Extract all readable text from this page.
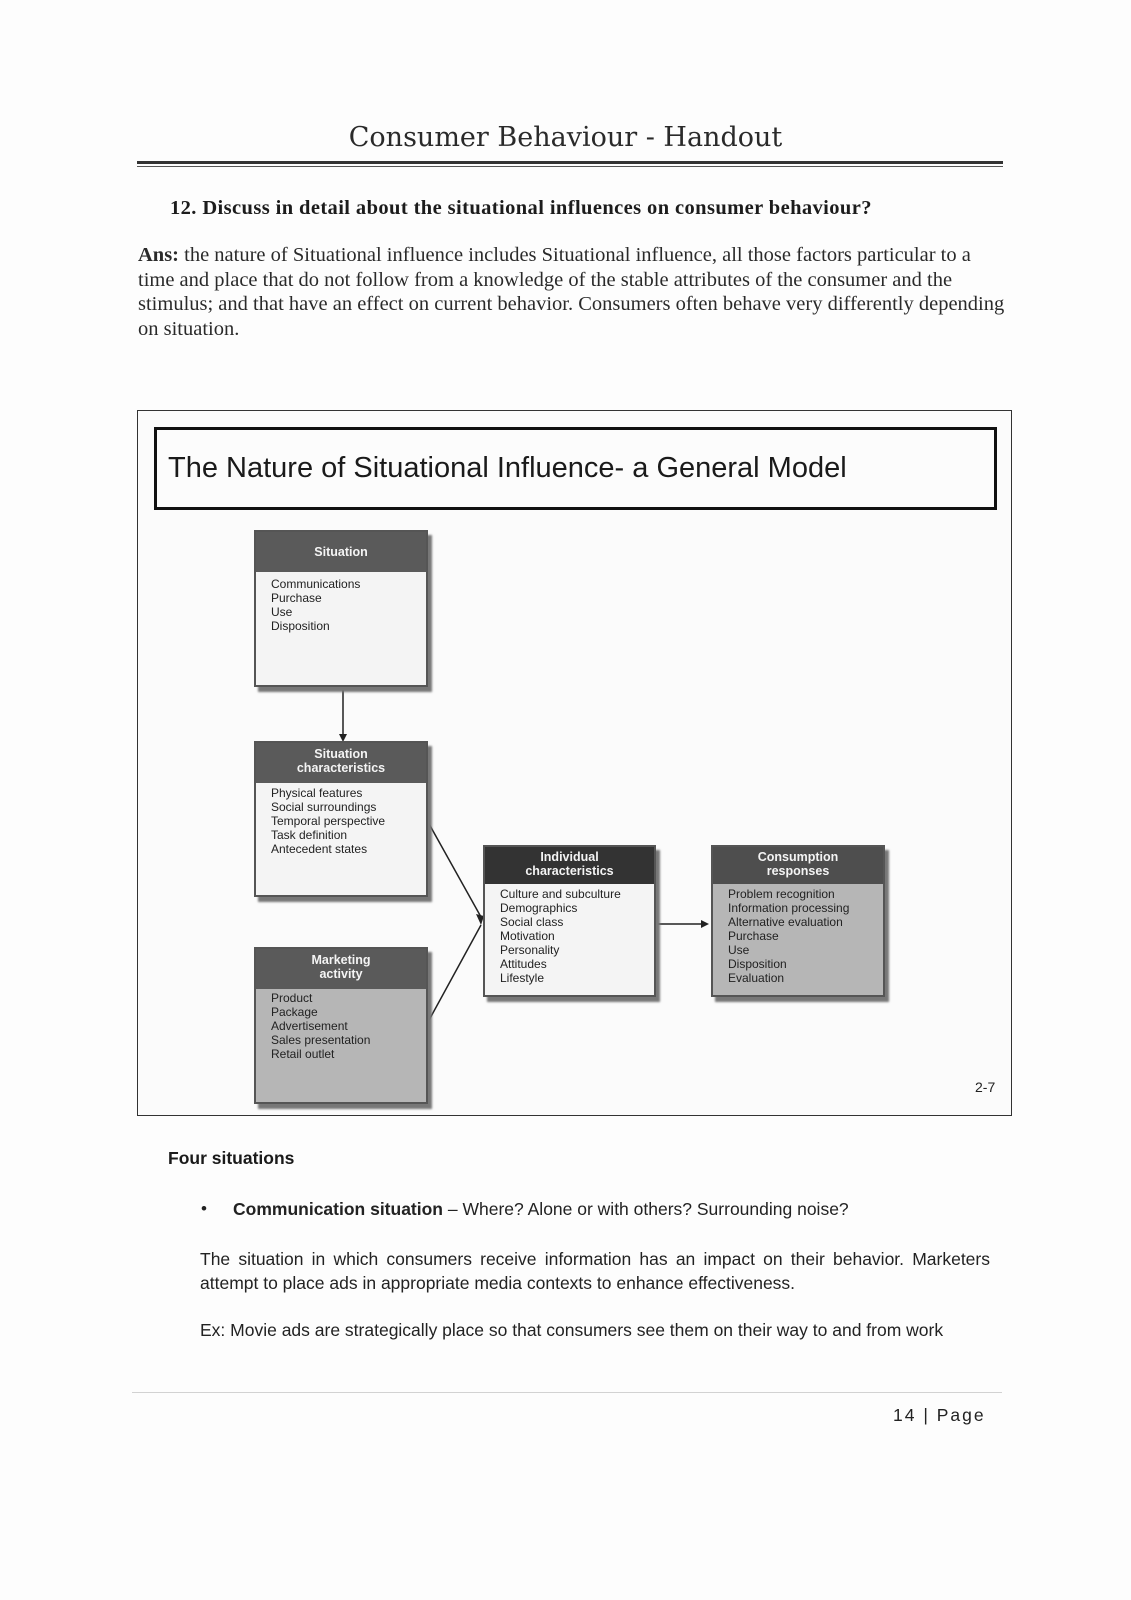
Consumer Behaviour - Handout
12. Discuss in detail about the situational influences on consumer behaviour?
Ans: the nature of Situational influence includes Situational influence, all those factors particular to a time and place that do not follow from a knowledge of the stable attributes of the consumer and the stimulus; and that have an effect on current behavior. Consumers often behave very differently depending on situation.
The Nature of Situational Influence- a General Model
Situation
Communications
Purchase
Use
Disposition
Situation
characteristics
Physical features
Social surroundings
Temporal perspective
Task definition
Antecedent states
Marketing
activity
Product
Package
Advertisement
Sales presentation
Retail outlet
Individual
characteristics
Culture and subculture
Demographics
Social class
Motivation
Personality
Attitudes
Lifestyle
Consumption
responses
Problem recognition
Information processing
Alternative evaluation
Purchase
Use
Disposition
Evaluation
2-7
Four situations
• Communication situation – Where? Alone or with others? Surrounding noise?
The situation in which consumers receive information has an impact on their behavior. Marketers attempt to place ads in appropriate media contexts to enhance effectiveness.
Ex: Movie ads are strategically place so that consumers see them on their way to and from work
14 | Page
